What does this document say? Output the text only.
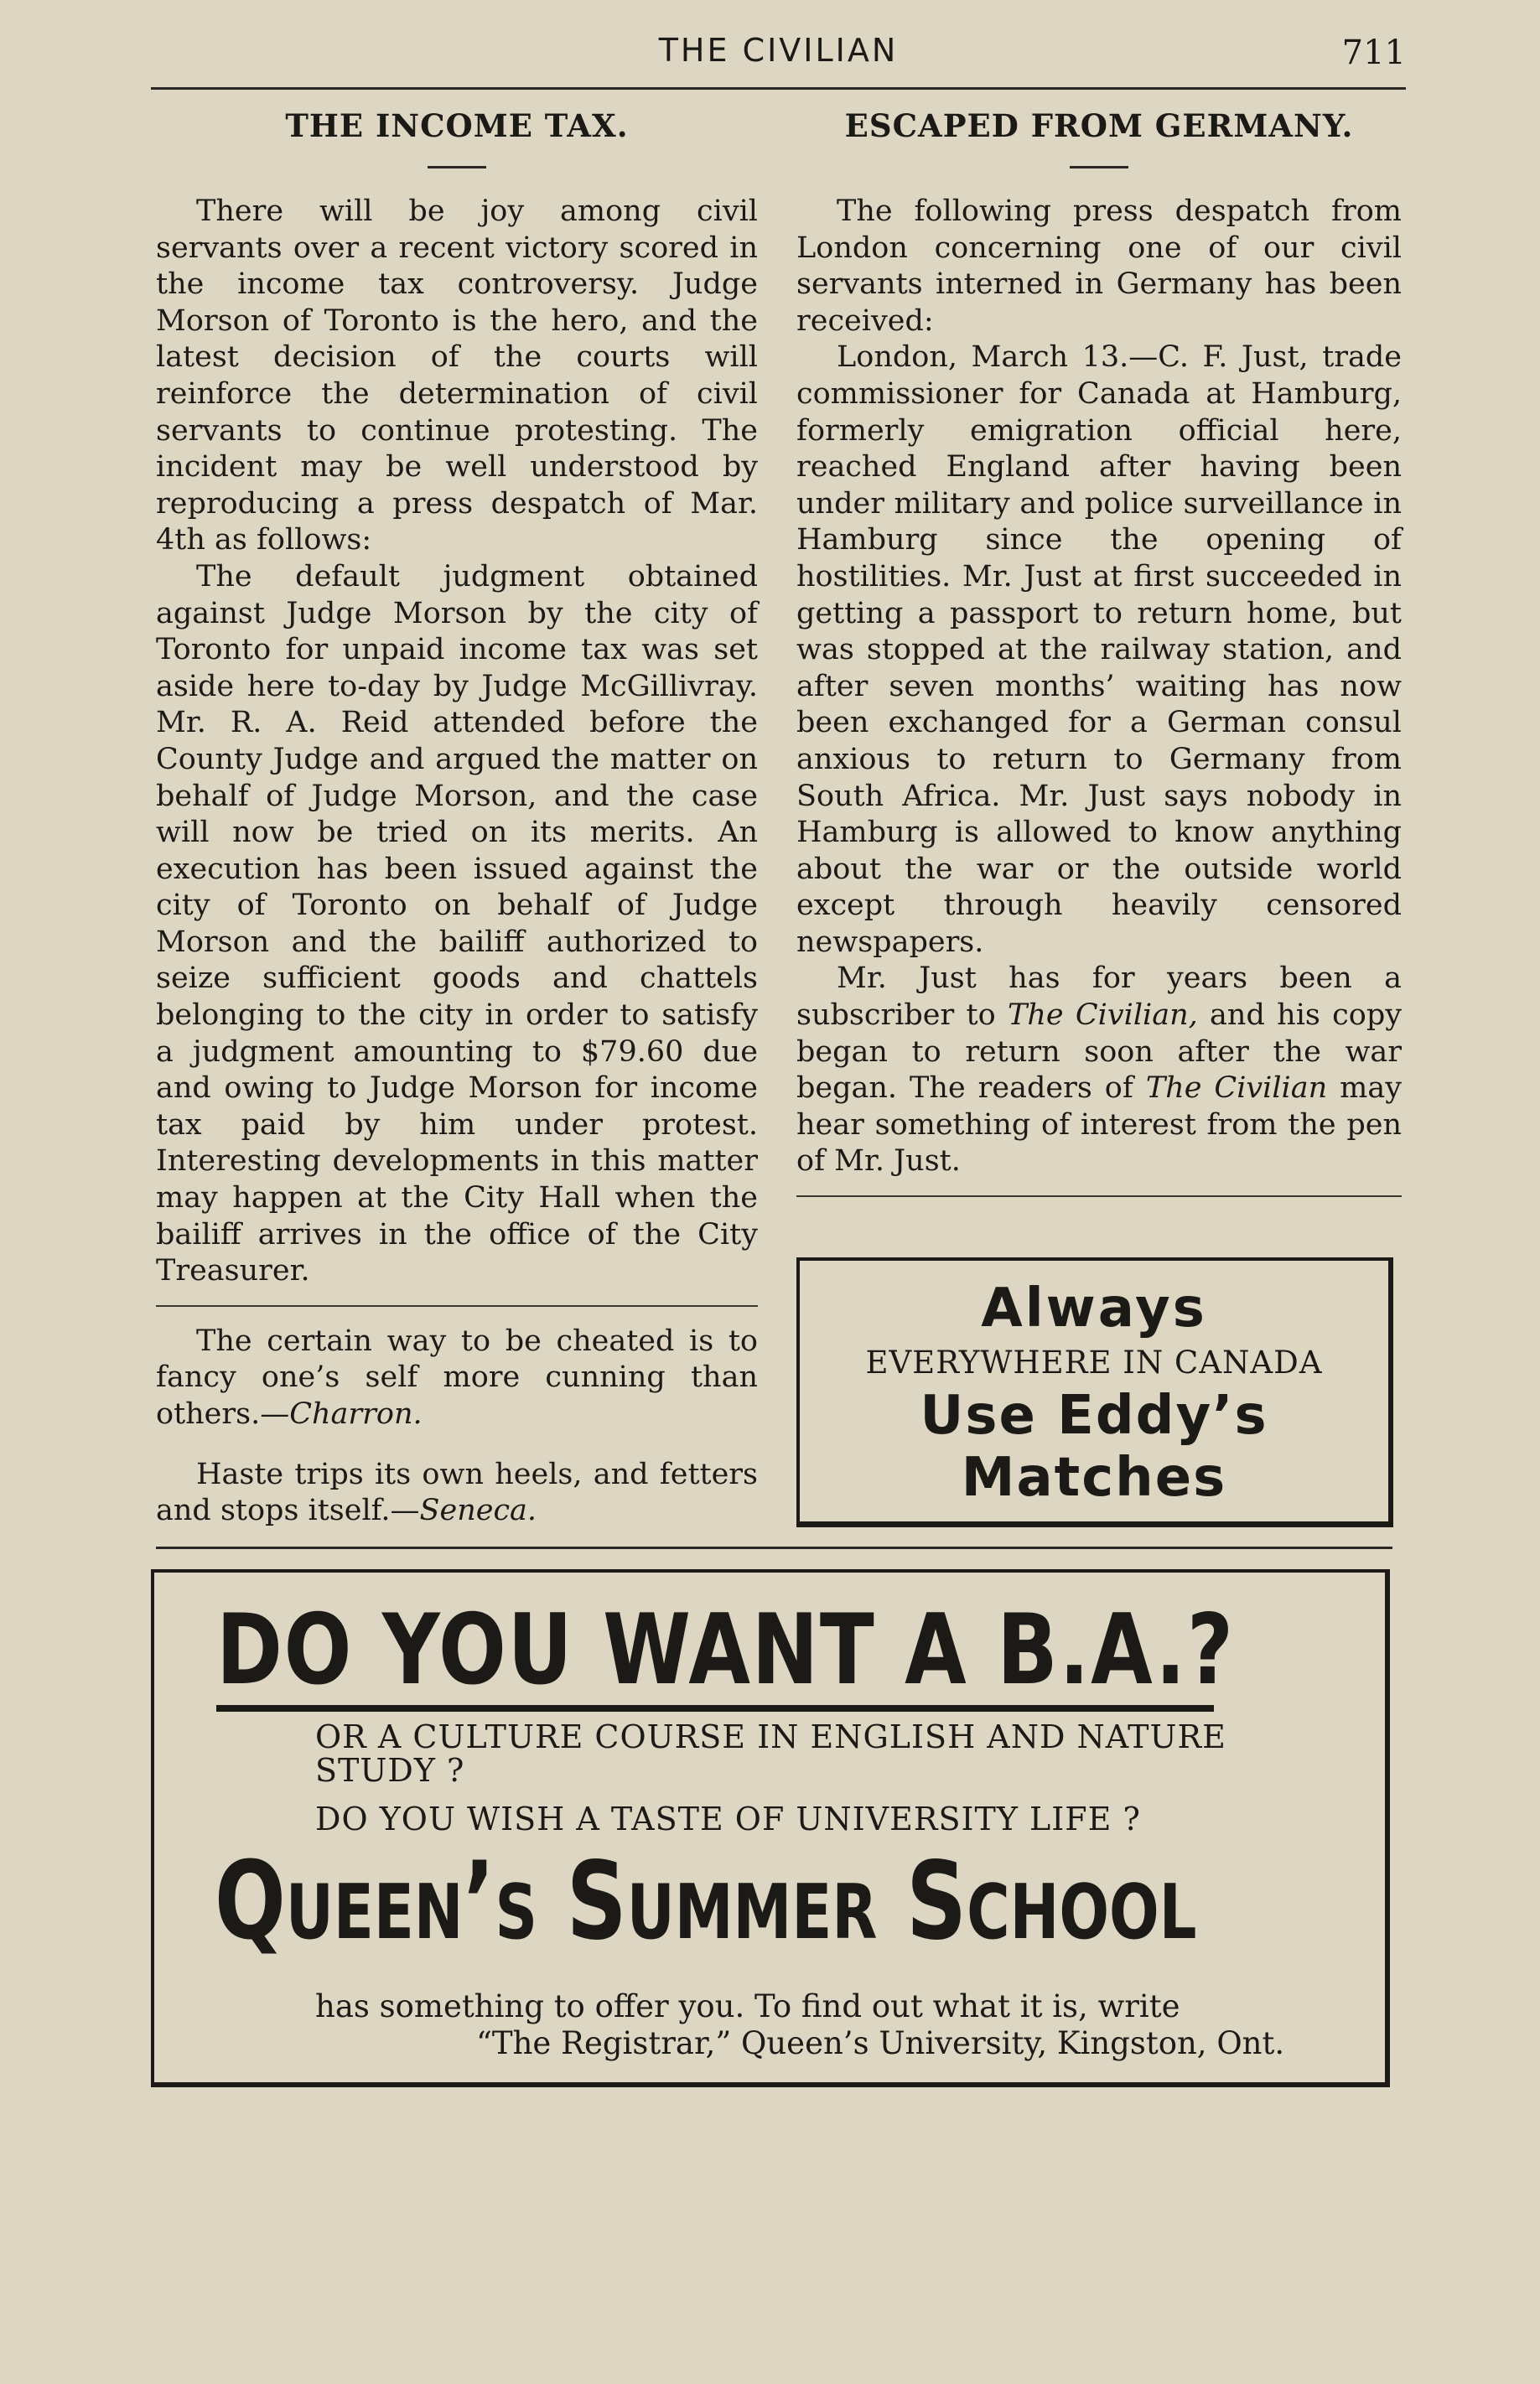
THE CIVILIAN	711
THE INCOME TAX.

There will be joy among civil servants over a recent victory scored in the income tax controversy. Judge Morson of Toronto is the hero, and the latest decision of the courts will reinforce the determination of civil servants to continue protesting. The incident may be well understood by reproducing a press despatch of Mar. 4th as follows:

The default judgment obtained against Judge Morson by the city of Toronto for unpaid income tax was set aside here to-day by Judge McGillivray. Mr. R. A. Reid attended before the County Judge and argued the matter on behalf of Judge Morson, and the case will now be tried on its merits. An execution has been issued against the city of Toronto on behalf of Judge Morson and the bailiff authorized to seize sufficient goods and chattels belonging to the city in order to satisfy a judgment amounting to $79.60 due and owing to Judge Morson for income tax paid by him under protest. Interesting developments in this matter may happen at the City Hall when the bailiff arrives in the office of the City Treasurer.

The certain way to be cheated is to fancy one’s self more cunning than others.—Charron.

Haste trips its own heels, and fetters and stops itself.—Seneca.

ESCAPED FROM GERMANY.

The following press despatch from London concerning one of our civil servants interned in Germany has been received:

London, March 13.—C. F. Just, trade commissioner for Canada at Hamburg, formerly emigration official here, reached England after having been under military and police surveillance in Hamburg since the opening of hostilities. Mr. Just at first succeeded in getting a passport to return home, but was stopped at the railway station, and after seven months’ waiting has now been exchanged for a German consul anxious to return to Germany from South Africa. Mr. Just says nobody in Hamburg is allowed to know anything about the war or the outside world except through heavily censored newspapers.

Mr. Just has for years been a subscriber to The Civilian, and his copy began to return soon after the war began. The readers of The Civilian may hear something of interest from the pen of Mr. Just.

Always
EVERYWHERE IN CANADA
Use Eddy’s
Matches
DO YOU WANT A B.A.?
OR A CULTURE COURSE IN ENGLISH AND NATURE STUDY ?
DO YOU WISH A TASTE OF UNIVERSITY LIFE ?
Queen’s Summer School
has something to offer you. To find out what it is, write
“The Registrar,” Queen’s University, Kingston, Ont.
